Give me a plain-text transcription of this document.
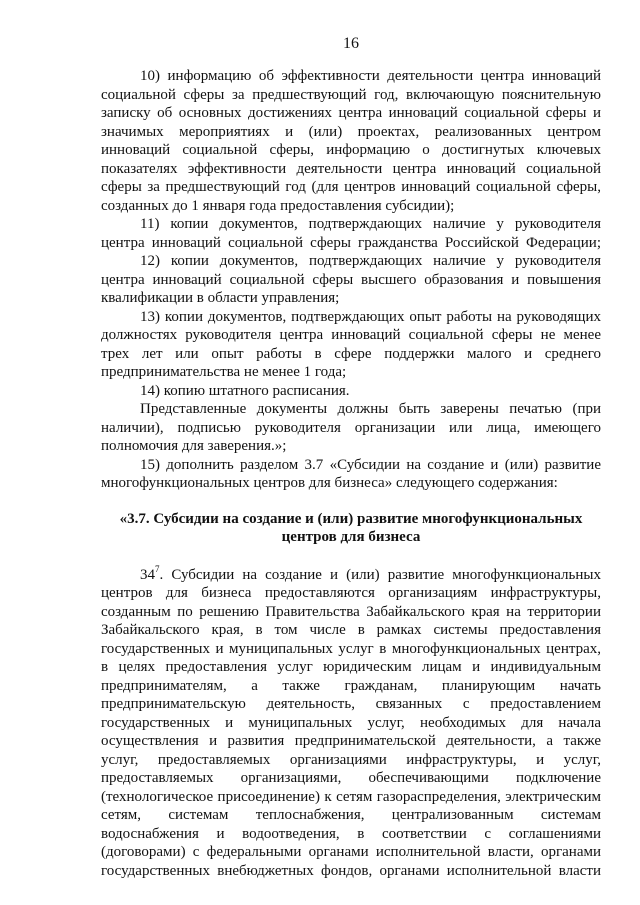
16
10) информацию об эффективности деятельности центра инноваций
социальной сферы за предшествующий год, включающую пояснительную
записку об основных достижениях центра инноваций социальной сферы и
значимых мероприятиях и (или) проектах, реализованных центром
инноваций социальной сферы, информацию о достигнутых ключевых
показателях эффективности деятельности центра инноваций социальной
сферы за предшествующий год (для центров инноваций социальной сферы,
созданных до 1 января года предоставления субсидии);
11) копии документов, подтверждающих наличие у руководителя
центра инноваций социальной сферы гражданства Российской Федерации;
12) копии документов, подтверждающих наличие у руководителя
центра инноваций социальной сферы высшего образования и повышения
квалификации в области управления;
13) копии документов, подтверждающих опыт работы на руководящих
должностях руководителя центра инноваций социальной сферы не менее
трех лет или опыт работы в сфере поддержки малого и среднего
предпринимательства не менее 1 года;
14) копию штатного расписания.
Представленные документы должны быть заверены печатью (при
наличии), подписью руководителя организации или лица, имеющего
полномочия для заверения.»;
15) дополнить разделом 3.7 «Субсидии на создание и (или) развитие
многофункциональных центров для бизнеса» следующего содержания:
«3.7. Субсидии на создание и (или) развитие многофункциональных
центров для бизнеса
$34^7$. Субсидии на создание и (или) развитие многофункциональных
центров для бизнеса предоставляются организациям инфраструктуры,
созданным по решению Правительства Забайкальского края на территории
Забайкальского края, в том числе в рамках системы предоставления
государственных и муниципальных услуг в многофункциональных центрах,
в целях предоставления услуг юридическим лицам и индивидуальным
предпринимателям, а также гражданам, планирующим начать
предпринимательскую деятельность, связанных с предоставлением
государственных и муниципальных услуг, необходимых для начала
осуществления и развития предпринимательской деятельности, а также
услуг, предоставляемых организациями инфраструктуры, и услуг,
предоставляемых организациями, обеспечивающими подключение
(технологическое присоединение) к сетям газораспределения, электрическим
сетям, системам теплоснабжения, централизованным системам
водоснабжения и водоотведения, в соответствии с соглашениями
(договорами) с федеральными органами исполнительной власти, органами
государственных внебюджетных фондов, органами исполнительной власти
